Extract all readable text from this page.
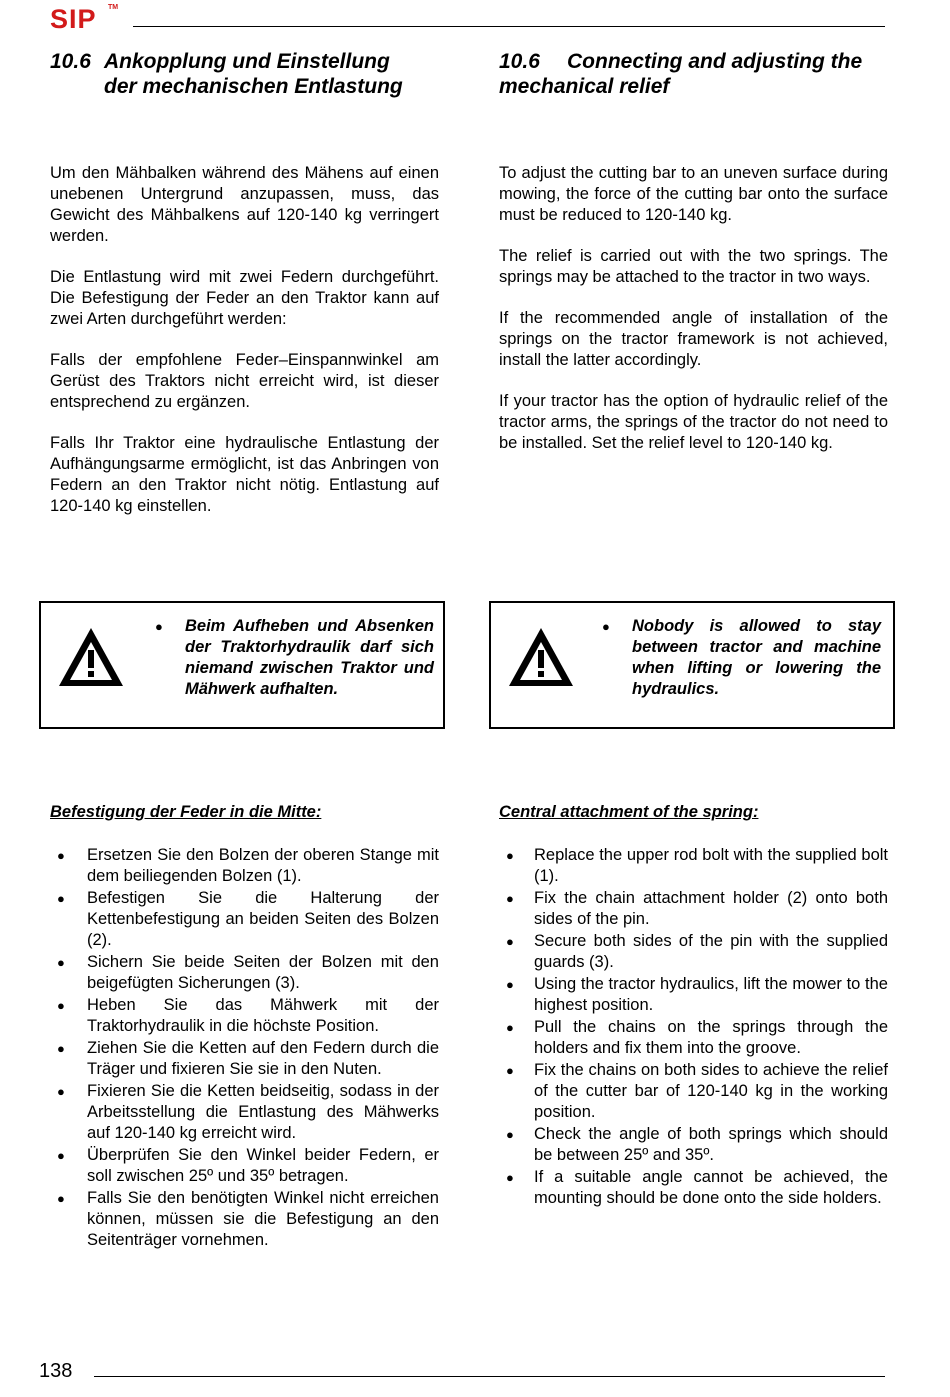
SIP TM

10.6 Ankopplung und Einstellung

der mechanischen Entlastung

10.6 Connecting and adjusting the

mechanical relief

Um den Mähbalken während des Mähens auf einen unebenen Untergrund anzupassen, muss, das Gewicht des Mähbalkens auf 120-140 kg verringert werden.

Die Entlastung wird mit zwei Federn durchgeführt. Die Befestigung der Feder an den Traktor kann auf zwei Arten durchgeführt werden:

Falls der empfohlene Feder–Einspannwinkel am Gerüst des Traktors nicht erreicht wird, ist dieser entsprechend zu ergänzen.

Falls Ihr Traktor eine hydraulische Entlastung der Aufhängungsarme ermöglicht, ist das Anbringen von Federn an den Traktor nicht nötig. Entlastung auf 120-140 kg einstellen.

To adjust the cutting bar to an uneven surface during mowing, the force of the cutting bar onto the surface must be reduced to 120-140 kg.

The relief is carried out with the two springs. The springs may be attached to the tractor in two ways.

If the recommended angle of installation of the springs on the tractor framework is not achieved, install the latter accordingly.

If your tractor has the option of hydraulic relief of the tractor arms, the springs of the tractor do not need to be installed. Set the relief level to 120-140 kg.

● Beim Aufheben und Absenken der Traktorhydraulik darf sich niemand zwischen Traktor und Mähwerk aufhalten.
● Nobody is allowed to stay between tractor and machine when lifting or lowering the hydraulics.

Befestigung der Feder in die Mitte:

● Ersetzen Sie den Bolzen der oberen Stange mit dem beiliegenden Bolzen (1).
● Befestigen Sie die Halterung der Kettenbefestigung an beiden Seiten des Bolzen (2).
● Sichern Sie beide Seiten der Bolzen mit den beigefügten Sicherungen (3).
● Heben Sie das Mähwerk mit der Traktorhydraulik in die höchste Position.
● Ziehen Sie die Ketten auf den Federn durch die Träger und fixieren Sie sie in den Nuten.
● Fixieren Sie die Ketten beidseitig, sodass in der Arbeitsstellung die Entlastung des Mähwerks auf 120-140 kg erreicht wird.
● Überprüfen Sie den Winkel beider Federn, er soll zwischen 25º und 35º betragen.
● Falls Sie den benötigten Winkel nicht erreichen können, müssen sie die Befestigung an den Seitenträger vornehmen.

Central attachment of the spring:

● Replace the upper rod bolt with the supplied bolt (1).
● Fix the chain attachment holder (2) onto both sides of the pin.
● Secure both sides of the pin with the supplied guards (3).
● Using the tractor hydraulics, lift the mower to the highest position.
● Pull the chains on the springs through the holders and fix them into the groove.
● Fix the chains on both sides to achieve the relief of the cutter bar of 120-140 kg in the working position.
● Check the angle of both springs which should be between 25º and 35º.
● If a suitable angle cannot be achieved, the mounting should be done onto the side holders.
138
